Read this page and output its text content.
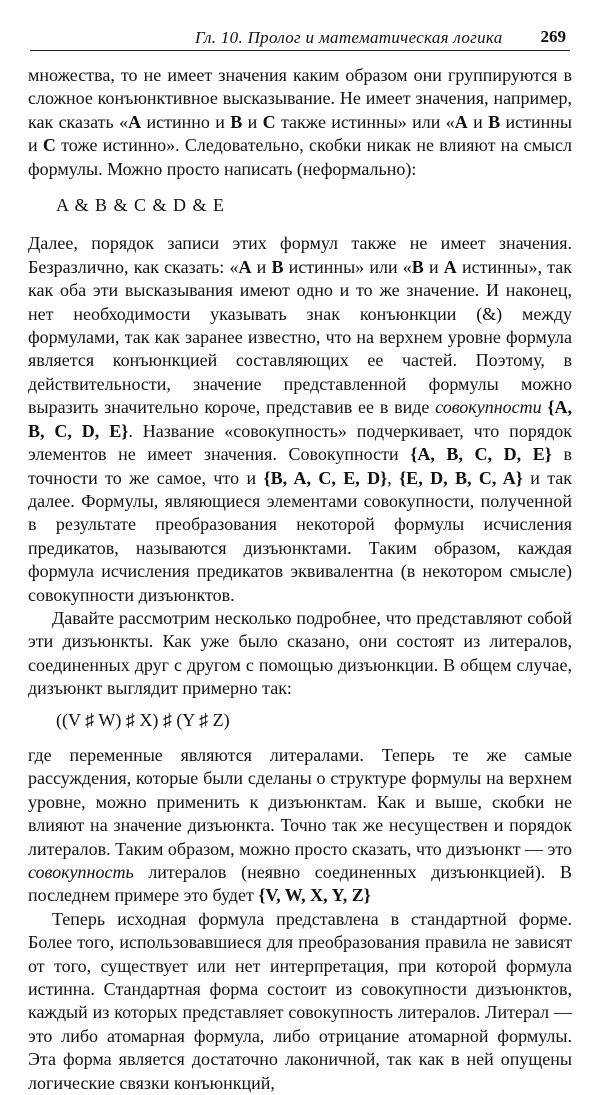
Гл. 10. Пролог и математическая логика 269

множества, то не имеет значения каким образом они группируются в сложное конъюнктивное высказывание. Не имеет значения, например, как сказать «A истинно и B и C также истинны» или «A и B истинны и C тоже истинно». Следовательно, скобки никак не влияют на смысл формулы. Можно просто написать (неформально):

A & B & C & D & E

Далее, порядок записи этих формул также не имеет значения. Безразлично, как сказать: «A и B истинны» или «B и A истинны», так как оба эти высказывания имеют одно и то же значение. И наконец, нет необходимости указывать знак конъюнкции (&) между формулами, так как заранее известно, что на верхнем уровне формула является конъюнкцией составляющих ее частей. Поэтому, в действительности, значение представленной формулы можно выразить значительно короче, представив ее в виде совокупности {A, B, C, D, E}. Название «совокупность» подчеркивает, что порядок элементов не имеет значения. Совокупности {A, B, C, D, E} в точности то же самое, что и {B, A, C, E, D}, {E, D, B, C, A} и так далее. Формулы, являющиеся элементами совокупности, полученной в результате преобразования некоторой формулы исчисления предикатов, называются дизъюнктами. Таким образом, каждая формула исчисления предикатов эквивалентна (в некотором смысле) совокупности дизъюнктов.

Давайте рассмотрим несколько подробнее, что представляют собой эти дизъюнкты. Как уже было сказано, они состоят из литералов, соединенных друг с другом с помощью дизъюнкции. В общем случае, дизъюнкт выглядит примерно так:

((V ♯ W) ♯ X) ♯ (Y ♯ Z)

где переменные являются литералами. Теперь те же самые рассуждения, которые были сделаны о структуре формулы на верхнем уровне, можно применить к дизъюнктам. Как и выше, скобки не влияют на значение дизъюнкта. Точно так же несуществен и порядок литералов. Таким образом, можно просто сказать, что дизъюнкт — это совокупность литералов (неявно соединенных дизъюнкцией). В последнем примере это будет {V, W, X, Y, Z}

Теперь исходная формула представлена в стандартной форме. Более того, использовавшиеся для преобразования правила не зависят от того, существует или нет интерпретация, при которой формула истинна. Стандартная форма состоит из совокупности дизъюнктов, каждый из которых представляет совокупность литералов. Литерал — это либо атомарная формула, либо отрицание атомарной формулы. Эта форма является достаточно лаконичной, так как в ней опущены логические связки конъюнкций,
